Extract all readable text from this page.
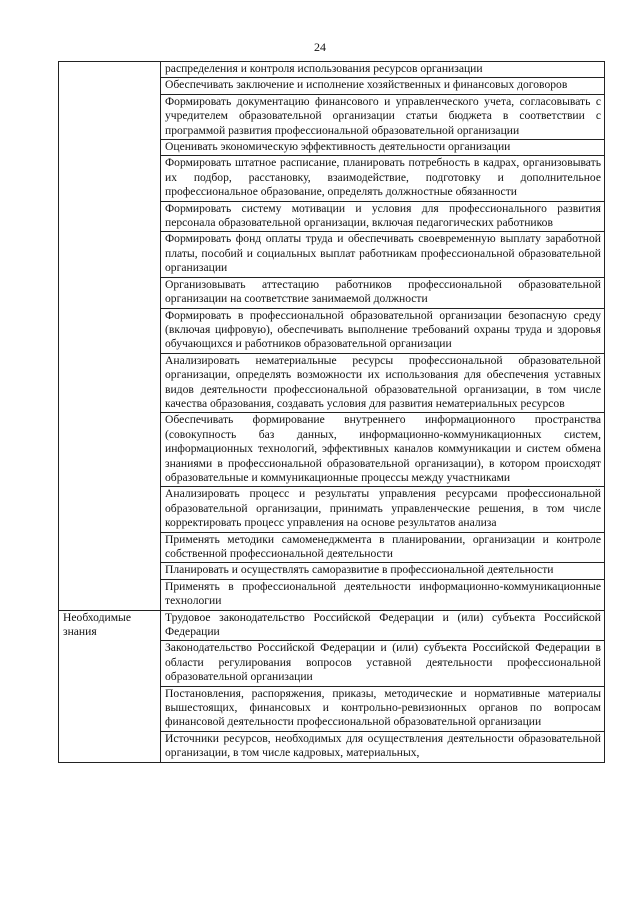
24
	распределения и контроля использования ресурсов организации
	Обеспечивать заключение и исполнение хозяйственных и финансовых договоров
	Формировать документацию финансового и управленческого учета, согласовывать с учредителем образовательной организации статьи бюджета в соответствии с программой развития профессиональной образовательной организации
	Оценивать экономическую эффективность деятельности организации
	Формировать штатное расписание, планировать потребность в кадрах, организовывать их подбор, расстановку, взаимодействие, подготовку и дополнительное профессиональное образование, определять должностные обязанности
	Формировать систему мотивации и условия для профессионального развития персонала образовательной организации, включая педагогических работников
	Формировать фонд оплаты труда и обеспечивать своевременную выплату заработной платы, пособий и социальных выплат работникам профессиональной образовательной организации
	Организовывать аттестацию работников профессиональной образовательной организации на соответствие занимаемой должности
	Формировать в профессиональной образовательной организации безопасную среду (включая цифровую), обеспечивать выполнение требований охраны труда и здоровья обучающихся и работников образовательной организации
	Анализировать нематериальные ресурсы профессиональной образовательной организации, определять возможности их использования для обеспечения уставных видов деятельности профессиональной образовательной организации, в том числе качества образования, создавать условия для развития нематериальных ресурсов
	Обеспечивать формирование внутреннего информационного пространства (совокупность баз данных, информационно-коммуникационных систем, информационных технологий, эффективных каналов коммуникации и систем обмена знаниями в профессиональной образовательной организации), в котором происходят образовательные и коммуникационные процессы между участниками
	Анализировать процесс и результаты управления ресурсами профессиональной образовательной организации, принимать управленческие решения, в том числе корректировать процесс управления на основе результатов анализа
	Применять методики самоменеджмента в планировании, организации и контроле собственной профессиональной деятельности
	Планировать и осуществлять саморазвитие в профессиональной деятельности
	Применять в профессиональной деятельности информационно-коммуникационные технологии
Необходимые знания	Трудовое законодательство Российской Федерации и (или) субъекта Российской Федерации
	Законодательство Российской Федерации и (или) субъекта Российской Федерации в области регулирования вопросов уставной деятельности профессиональной образовательной организации
	Постановления, распоряжения, приказы, методические и нормативные материалы вышестоящих, финансовых и контрольно-ревизионных органов по вопросам финансовой деятельности профессиональной образовательной организации
	Источники ресурсов, необходимых для осуществления деятельности образовательной организации, в том числе кадровых, материальных,
